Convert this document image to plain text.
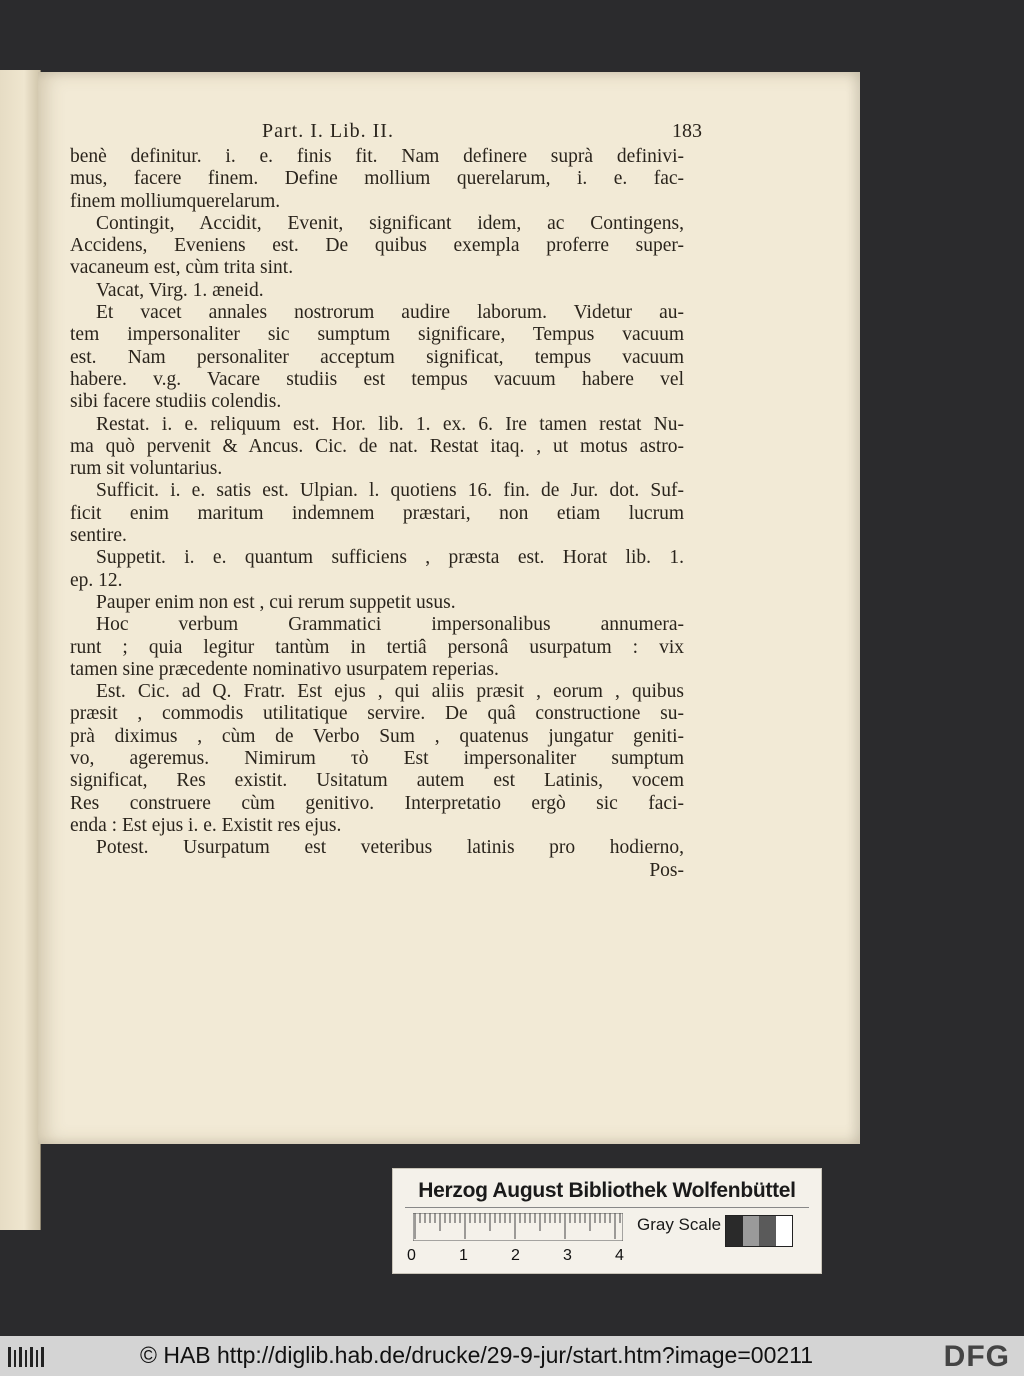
Part. I. Lib. II.	183
benè definitur. i. e. finis fit. Nam definere suprà definivi-
mus, facere finem. Define mollium querelarum, i. e. fac-
finem molliumquerelarum.
Contingit, Accidit, Evenit, significant idem, ac Contingens,
Accidens, Eveniens est. De quibus exempla proferre super-
vacaneum est, cùm trita sint.
Vacat, Virg. 1. æneid.
Et vacet annales nostrorum audire laborum. Videtur au-
tem impersonaliter sic sumptum significare, Tempus vacuum
est. Nam personaliter acceptum significat, tempus vacuum
habere. v.g. Vacare studiis est tempus vacuum habere vel
sibi facere studiis colendis.
Restat. i. e. reliquum est. Hor. lib. 1. ex. 6. Ire tamen restat Nu-
ma quò pervenit & Ancus. Cic. de nat. Restat itaq. , ut motus astro-
rum sit voluntarius.
Sufficit. i. e. satis est. Ulpian. l. quotiens 16. fin. de Jur. dot. Suf-
ficit enim maritum indemnem præstari, non etiam lucrum
sentire.
Suppetit. i. e. quantum sufficiens , præsta est. Horat lib. 1.
ep. 12.
Pauper enim non est , cui rerum suppetit usus.
Hoc verbum Grammatici impersonalibus annumera-
runt ; quia legitur tantùm in tertiâ personâ usurpatum : vix
tamen sine præcedente nominativo usurpatem reperias.
Est. Cic. ad Q. Fratr. Est ejus , qui aliis præsit , eorum , quibus
præsit , commodis utilitatique servire. De quâ constructione su-
prà diximus , cùm de Verbo Sum , quatenus jungatur geniti-
vo, ageremus. Nimirum τὸ Est impersonaliter sumptum
significat, Res existit. Usitatum autem est Latinis, vocem
Res construere cùm genitivo. Interpretatio ergò sic faci-
enda : Est ejus i. e. Existit res ejus.
Potest. Usurpatum est veteribus latinis pro hodierno,
Pos-
Herzog August Bibliothek Wolfenbüttel
Gray Scale
0	1	2	3	4
© HAB http://diglib.hab.de/drucke/29-9-jur/start.htm?image=00211	DFG
